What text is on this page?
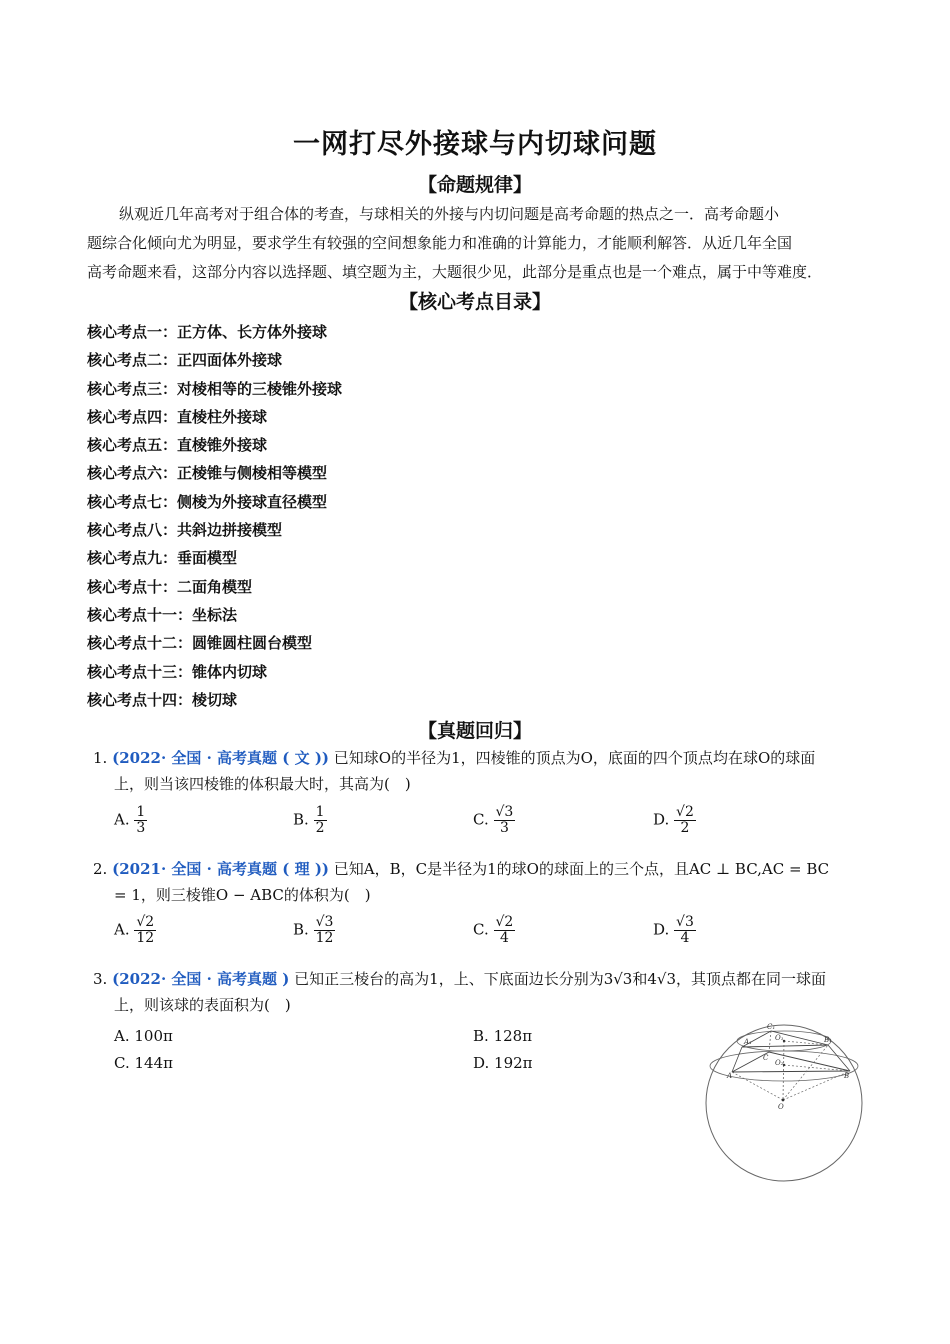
一网打尽外接球与内切球问题
【命题规律】
纵观近几年高考对于组合体的考查，与球相关的外接与内切问题是高考命题的热点之一．高考命题小
题综合化倾向尤为明显，要求学生有较强的空间想象能力和准确的计算能力，才能顺利解答．从近几年全国
高考命题来看，这部分内容以选择题、填空题为主，大题很少见，此部分是重点也是一个难点，属于中等难度．
【核心考点目录】
核心考点一：正方体、长方体外接球
核心考点二：正四面体外接球
核心考点三：对棱相等的三棱锥外接球
核心考点四：直棱柱外接球
核心考点五：直棱锥外接球
核心考点六：正棱锥与侧棱相等模型
核心考点七：侧棱为外接球直径模型
核心考点八：共斜边拼接模型
核心考点九：垂面模型
核心考点十：二面角模型
核心考点十一：坐标法
核心考点十二：圆锥圆柱圆台模型
核心考点十三：锥体内切球
核心考点十四：棱切球
【真题回归】
1. (2022· 全国 · 高考真题 ( 文 )) 已知球O的半径为1，四棱锥的顶点为O，底面的四个顶点均在球O的球面
上，则当该四棱锥的体积最大时，其高为(　)
A. $\frac{1}{3}$	B. $\frac{1}{2}$	C. $\frac{√3}{3}$	D. $\frac{√2}{2}$
2. (2021· 全国 · 高考真题 ( 理 )) 已知A，B，C是半径为1的球O的球面上的三个点，且AC ⊥ BC,AC = BC
= 1，则三棱锥O − ABC的体积为(　)
A. $\frac{√2}{12}$	B. $\frac{√3}{12}$	C. $\frac{√2}{4}$	D. $\frac{√3}{4}$
3. (2022· 全国 · 高考真题 ) 已知正三棱台的高为1，上、下底面边长分别为3√3和4√3，其顶点都在同一球面
上，则该球的表面积为(　)
A. 100π	B. 128π
C. 144π	D. 192π
C₁
A₁	B₁
O₁
C
A	B
O₂
O
